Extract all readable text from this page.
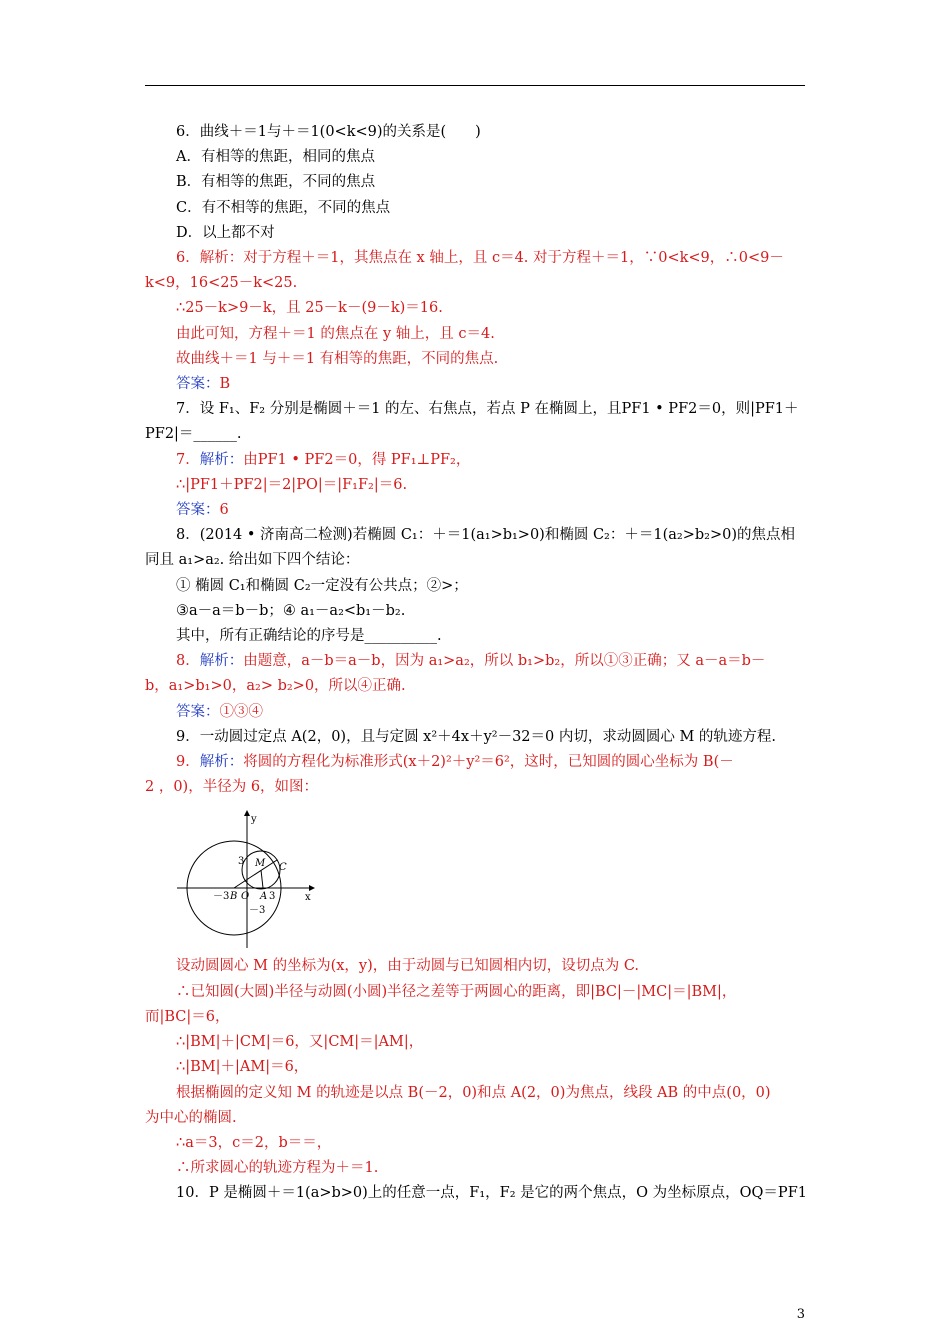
6．曲线＋＝1与＋＝1(0<k<9)的关系是(　　)
A．有相等的焦距，相同的焦点
B．有相等的焦距，不同的焦点
C．有不相等的焦距，不同的焦点
D．以上都不对
6．解析：对于方程＋＝1，其焦点在 x 轴上，且 c＝4. 对于方程＋＝1，∵0<k<9，∴0<9－
k<9，16<25－k<25.
∴25－k>9－k，且 25－k－(9－k)＝16.
由此可知，方程＋＝1 的焦点在 y 轴上，且 c＝4.
故曲线＋＝1 与＋＝1 有相等的焦距，不同的焦点.
答案：B
7．设 F₁、F₂ 分别是椭圆＋＝1 的左、右焦点，若点 P 在椭圆上，且PF1 • PF2＝0，则|PF1＋
PF2|＝______.
7．解析：由PF1 • PF2＝0，得 PF₁⊥PF₂，
∴|PF1＋PF2|＝2|PO|＝|F₁F₂|＝6.
答案：6
8．(2014 • 济南高二检测)若椭圆 C₁：＋＝1(a₁>b₁>0)和椭圆 C₂：＋＝1(a₂>b₂>0)的焦点相
同且 a₁>a₂. 给出如下四个结论：
① 椭圆 C₁和椭圆 C₂一定没有公共点；②>；
③a－a＝b－b；④ a₁－a₂<b₁－b₂.
其中，所有正确结论的序号是__________.
8．解析：由题意，a－b＝a－b，因为 a₁>a₂，所以 b₁>b₂，所以①③正确；又 a－a＝b－
b，a₁>b₁>0，a₂> b₂>0，所以④正确.
答案：①③④
9．一动圆过定点 A(2，0)，且与定圆 x²＋4x＋y²－32＝0 内切，求动圆圆心 M 的轨迹方程.
9．解析：将圆的方程化为标准形式(x＋2)²＋y²＝6²，这时，已知圆的圆心坐标为 B(－
2 ，0)，半径为 6，如图：
y
x
3 M C
－3 B O A 3
－3
设动圆圆心 M 的坐标为(x，y)，由于动圆与已知圆相内切，设切点为 C.
∴已知圆(大圆)半径与动圆(小圆)半径之差等于两圆心的距离，即|BC|－|MC|＝|BM|，
而|BC|＝6，
∴|BM|＋|CM|＝6，又|CM|＝|AM|，
∴|BM|＋|AM|＝6，
根据椭圆的定义知 M 的轨迹是以点 B(－2，0)和点 A(2，0)为焦点，线段 AB 的中点(0，0)
为中心的椭圆.
∴a＝3，c＝2，b＝＝，
∴所求圆心的轨迹方程为＋＝1.
10．P 是椭圆＋＝1(a>b>0)上的任意一点，F₁，F₂ 是它的两个焦点，O 为坐标原点，OQ＝PF1
3
